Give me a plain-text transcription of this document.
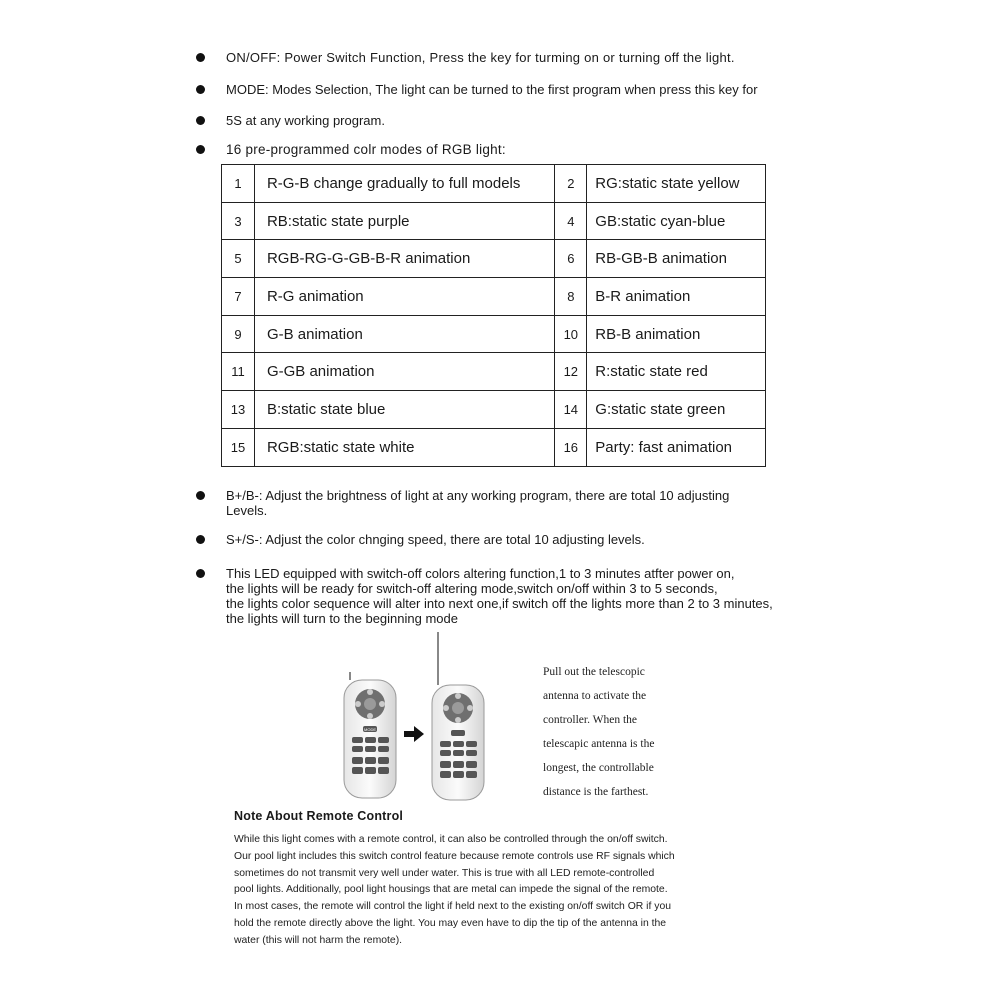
ON/OFF: Power Switch Function, Press the key for turming on or turning off the light.
MODE: Modes Selection, The light can be turned to the first program when press this key for
5S at any working program.
16 pre-programmed colr modes of RGB light:
1	R-G-B change gradually to full models	2	RG:static state yellow
3	RB:static state purple	4	GB:static cyan-blue
5	RGB-RG-G-GB-B-R animation	6	RB-GB-B animation
7	R-G animation	8	B-R animation
9	G-B animation	10	RB-B animation
11	G-GB animation	12	R:static state red
13	B:static state blue	14	G:static state green
15	RGB:static state white	16	Party: fast animation
B+/B-: Adjust the brightness of light at any working program, there are total 10 adjusting
Levels.
S+/S-: Adjust the color chnging speed, there are total 10 adjusting levels.
This LED equipped with switch-off colors altering function,1 to 3 minutes atfter power on,
the lights will be ready for switch-off altering mode,switch on/off within 3 to 5 seconds,
the lights color sequence will alter into next one,if switch off the lights more than 2 to 3 minutes,
the lights will turn to the beginning mode
MODE
Pull out the telescopic
antenna to activate the
controller. When the
telescapic antenna is the
longest, the controllable
distance is the farthest.
Note About Remote Control
While this light comes with a remote control, it can also be controlled through the on/off switch.
Our pool light includes this switch control feature because remote controls use RF signals which
sometimes do not transmit very well under water. This is true with all LED remote-controlled
pool lights. Additionally, pool light housings that are metal can impede the signal of the remote.
In most cases, the remote will control the light if held next to the existing on/off switch OR if you
hold the remote directly above the light. You may even have to dip the tip of the antenna in the
water (this will not harm the remote).
